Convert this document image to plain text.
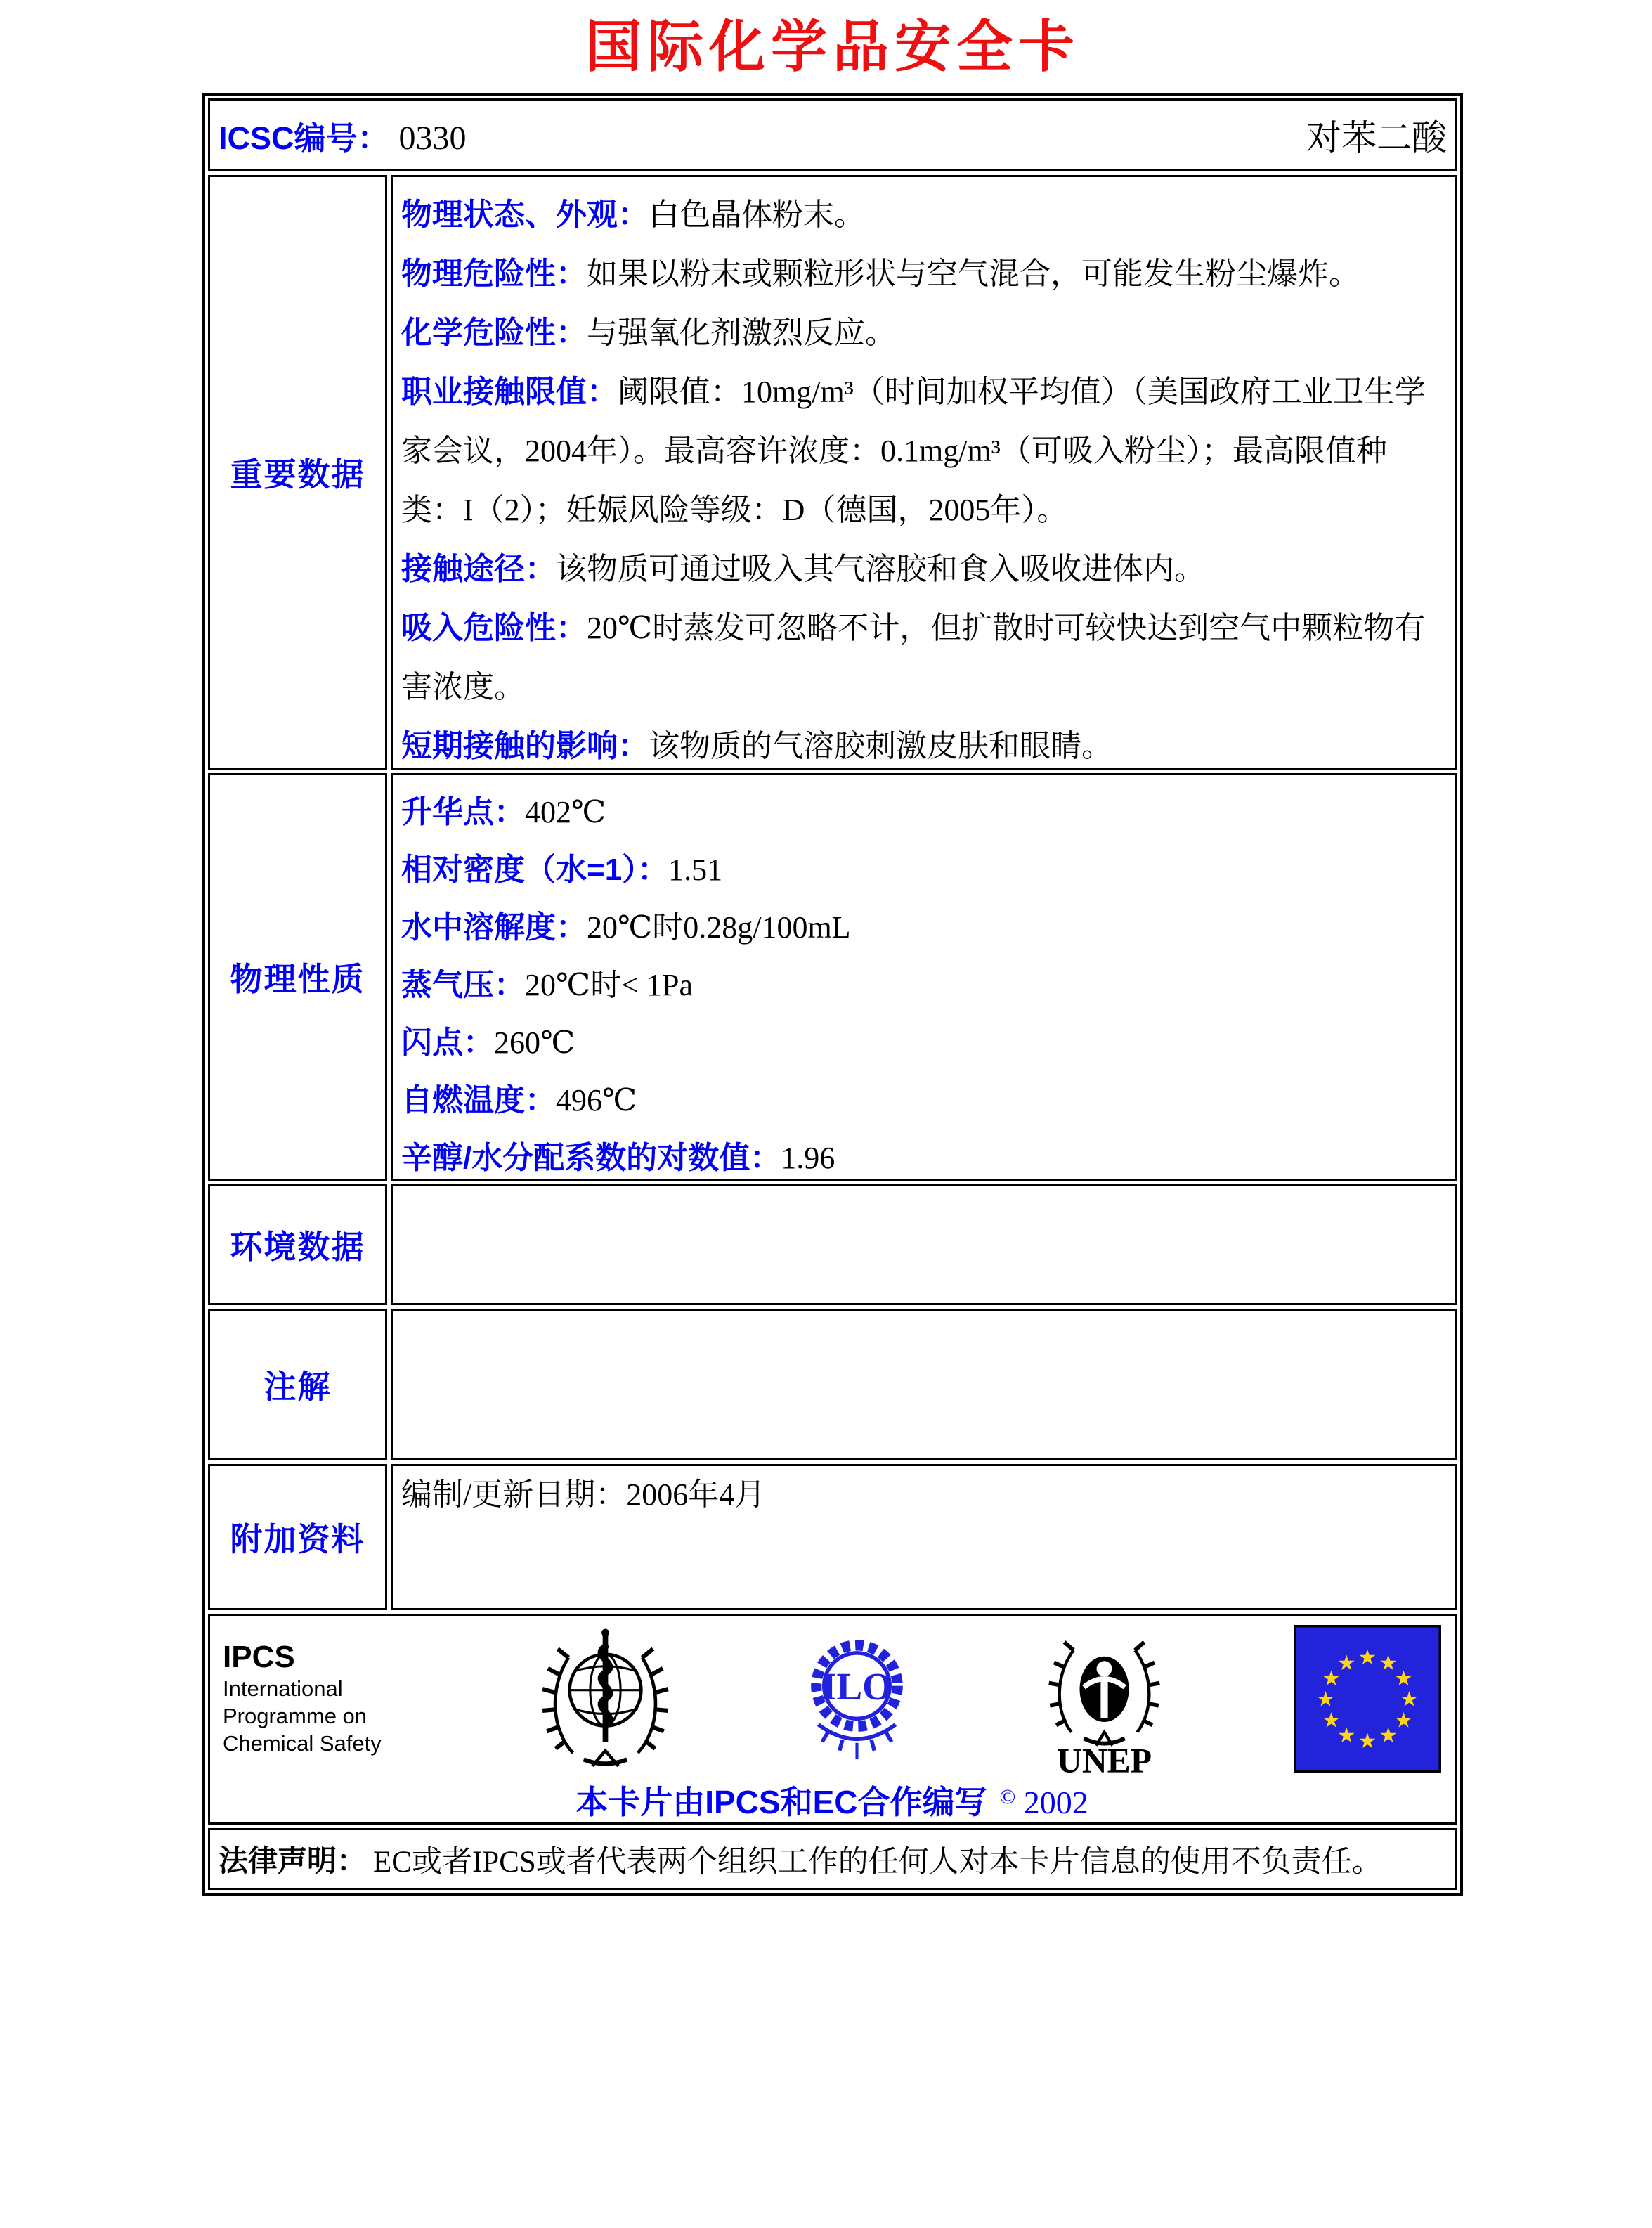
国际化学品安全卡
ICSC编号： 0330	对苯二酸
重要数据
物理状态、外观：白色晶体粉末。
物理危险性：如果以粉末或颗粒形状与空气混合，可能发生粉尘爆炸。
化学危险性：与强氧化剂激烈反应。
职业接触限值：阈限值：10mg/m³（时间加权平均值）（美国政府工业卫生学家会议，2004年）。最高容许浓度：0.1mg/m³（可吸入粉尘）；最高限值种类：I（2）；妊娠风险等级：D（德国，2005年）。
接触途径：该物质可通过吸入其气溶胶和食入吸收进体内。
吸入危险性：20℃时蒸发可忽略不计，但扩散时可较快达到空气中颗粒物有害浓度。
短期接触的影响：该物质的气溶胶刺激皮肤和眼睛。
物理性质
升华点：402℃
相对密度（水=1）：1.51
水中溶解度：20℃时0.28g/100mL
蒸气压：20℃时< 1Pa
闪点：260℃
自燃温度：496℃
辛醇/水分配系数的对数值：1.96
环境数据
注解
附加资料
编制/更新日期：2006年4月
IPCS
International
Programme on
Chemical Safety
ILO
UNEP
★ ★
★
★
★
★
★
★
★
★
★
★
本卡片由IPCS和EC合作编写 © 2002
法律声明： EC或者IPCS或者代表两个组织工作的任何人对本卡片信息的使用不负责任。
